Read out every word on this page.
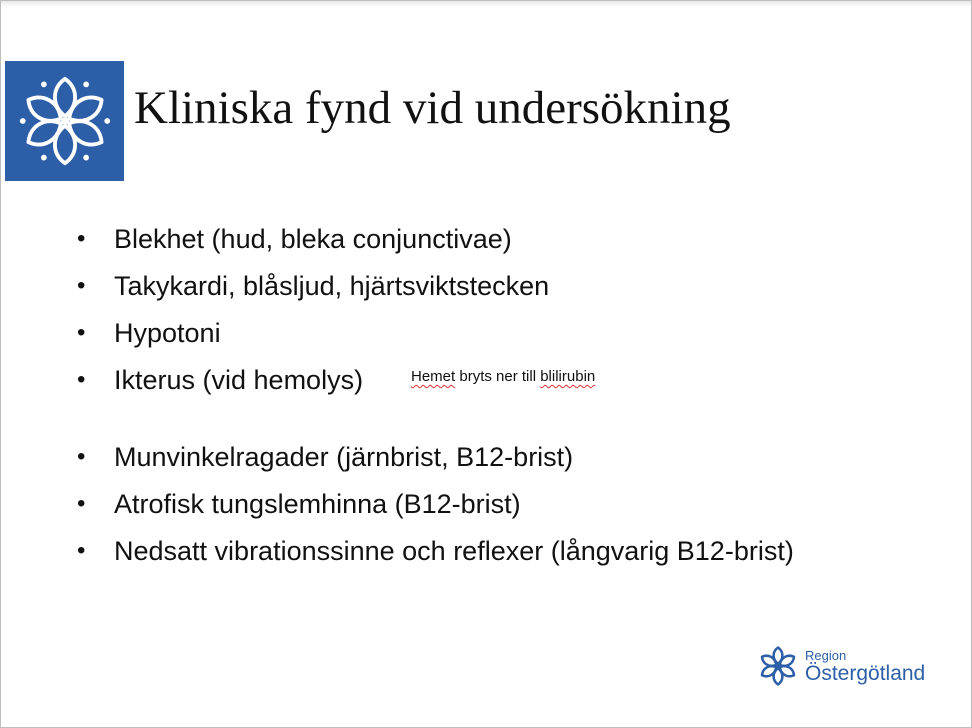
Kliniska fynd vid undersökning
• Blekhet (hud, bleka conjunctivae)
• Takykardi, blåsljud, hjärtsviktstecken
• Hypotoni
• Ikterus (vid hemolys)
• Munvinkelragader (järnbrist, B12-brist)
• Atrofisk tungslemhinna (B12-brist)
• Nedsatt vibrationssinne och reflexer (långvarig B12-brist)
Hemet bryts ner till blilirubin
Region
Östergötland
